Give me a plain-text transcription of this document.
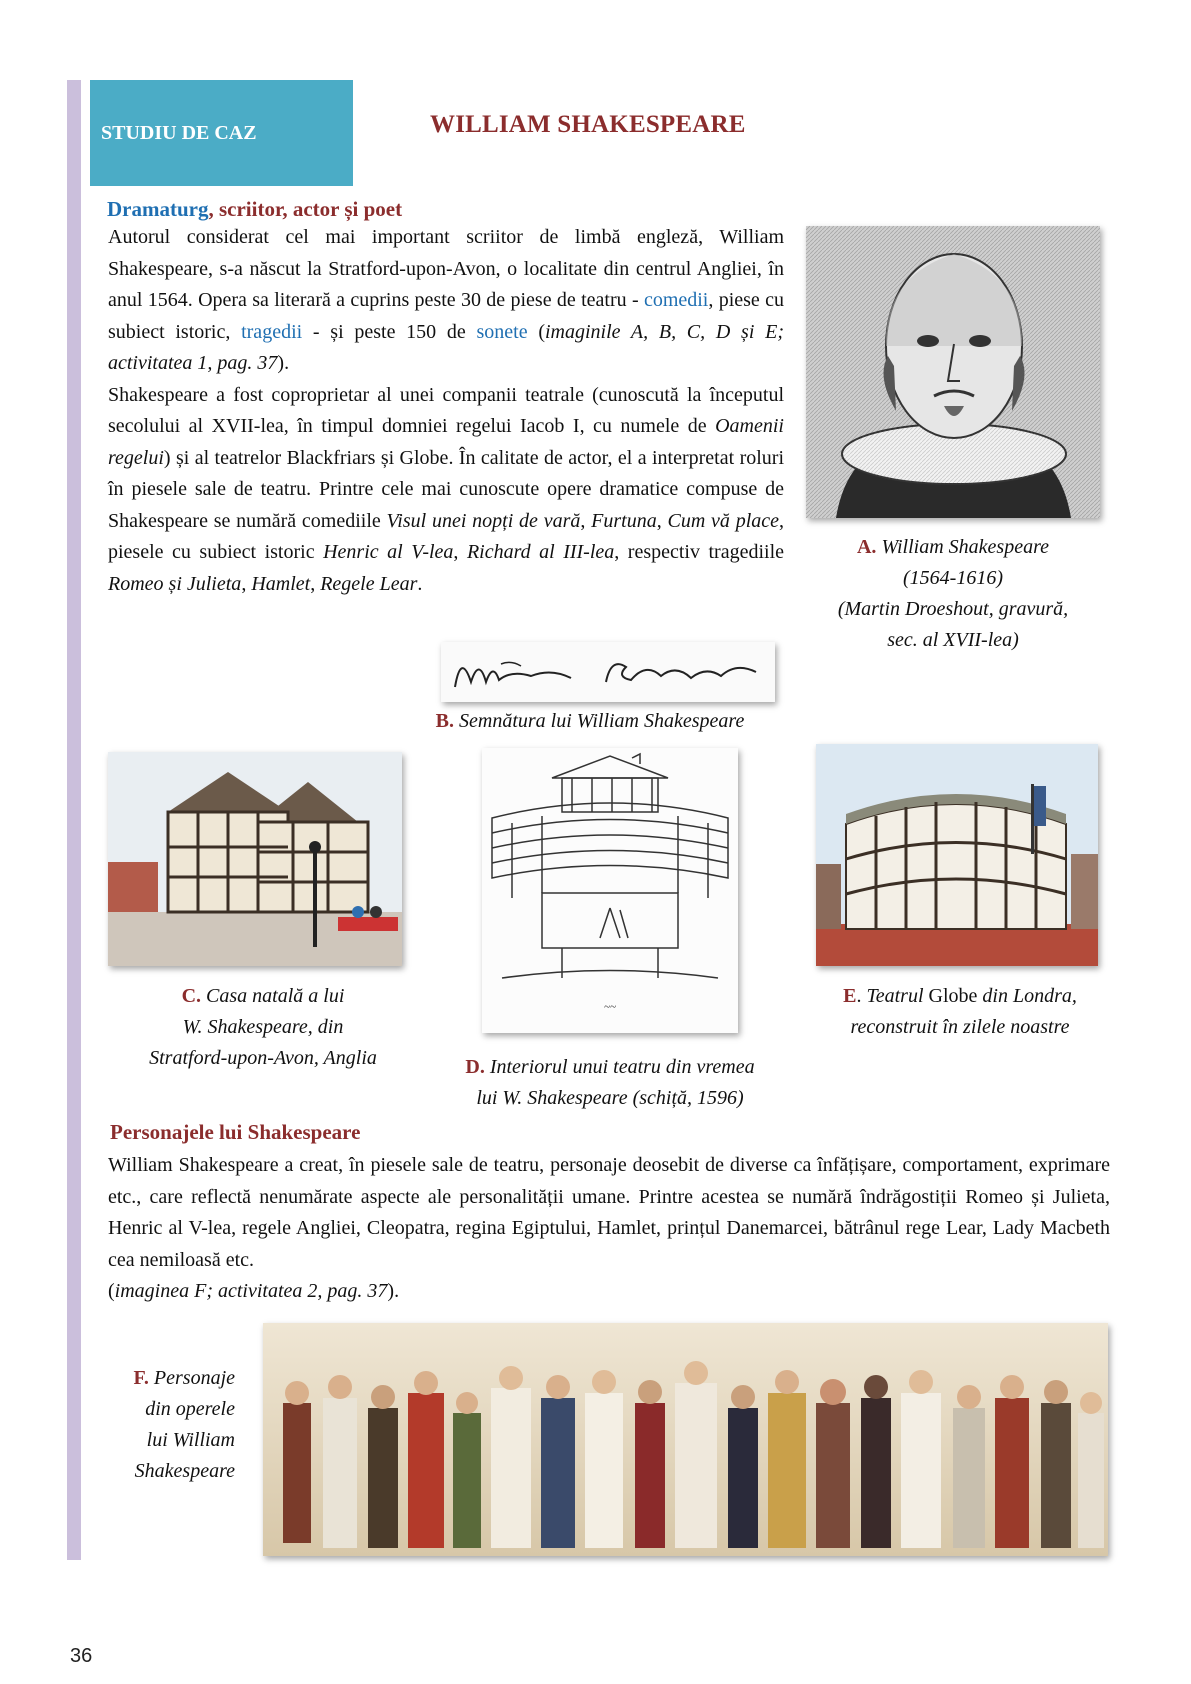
STUDIU DE CAZ	WILLIAM SHAKESPEARE
Dramaturg, scriitor, actor și poet
Autorul considerat cel mai important scriitor de limbă engleză, William Shakespeare, s-a născut la Stratford-upon-Avon, o localitate din centrul Angliei, în anul 1564. Opera sa literară a cuprins peste 30 de piese de teatru - comedii, piese cu subiect istoric, tragedii - și peste 150 de sonete (imaginile A, B, C, D și E; activitatea 1, pag. 37).
Shakespeare a fost coproprietar al unei companii teatrale (cunoscută la începutul secolului al XVII-lea, în timpul domniei regelui Iacob I, cu numele de Oamenii regelui) și al teatrelor Blackfriars și Globe. În calitate de actor, el a interpretat roluri în piesele sale de teatru. Printre cele mai cunoscute opere dramatice compuse de Shakespeare se numără comediile Visul unei nopți de vară, Furtuna, Cum vă place, piesele cu subiect istoric Henric al V-lea, Richard al III-lea, respectiv tragediile Romeo și Julieta, Hamlet, Regele Lear.
A. William Shakespeare
(1564-1616)
(Martin Droeshout, gravură,
sec. al XVII-lea)
B. Semnătura lui William Shakespeare
C. Casa natală a lui
W. Shakespeare, din
Stratford-upon-Avon, Anglia
~~
D. Interiorul unui teatru din vremea
lui W. Shakespeare (schiță, 1596)
E. Teatrul Globe din Londra,
reconstruit în zilele noastre
Personajele lui Shakespeare
William Shakespeare a creat, în piesele sale de teatru, personaje deosebit de diverse ca înfățișare, comportament, exprimare etc., care reflectă nenumărate aspecte ale personalității umane. Printre acestea se numără îndrăgostiții Romeo și Julieta, Henric al V-lea, regele Angliei, Cleopatra, regina Egiptului, Hamlet, prințul Danemarcei, bătrânul rege Lear, Lady Macbeth cea nemiloasă etc.
(imaginea F; activitatea 2, pag. 37).
F. Personaje
din operele
lui William
Shakespeare
36
